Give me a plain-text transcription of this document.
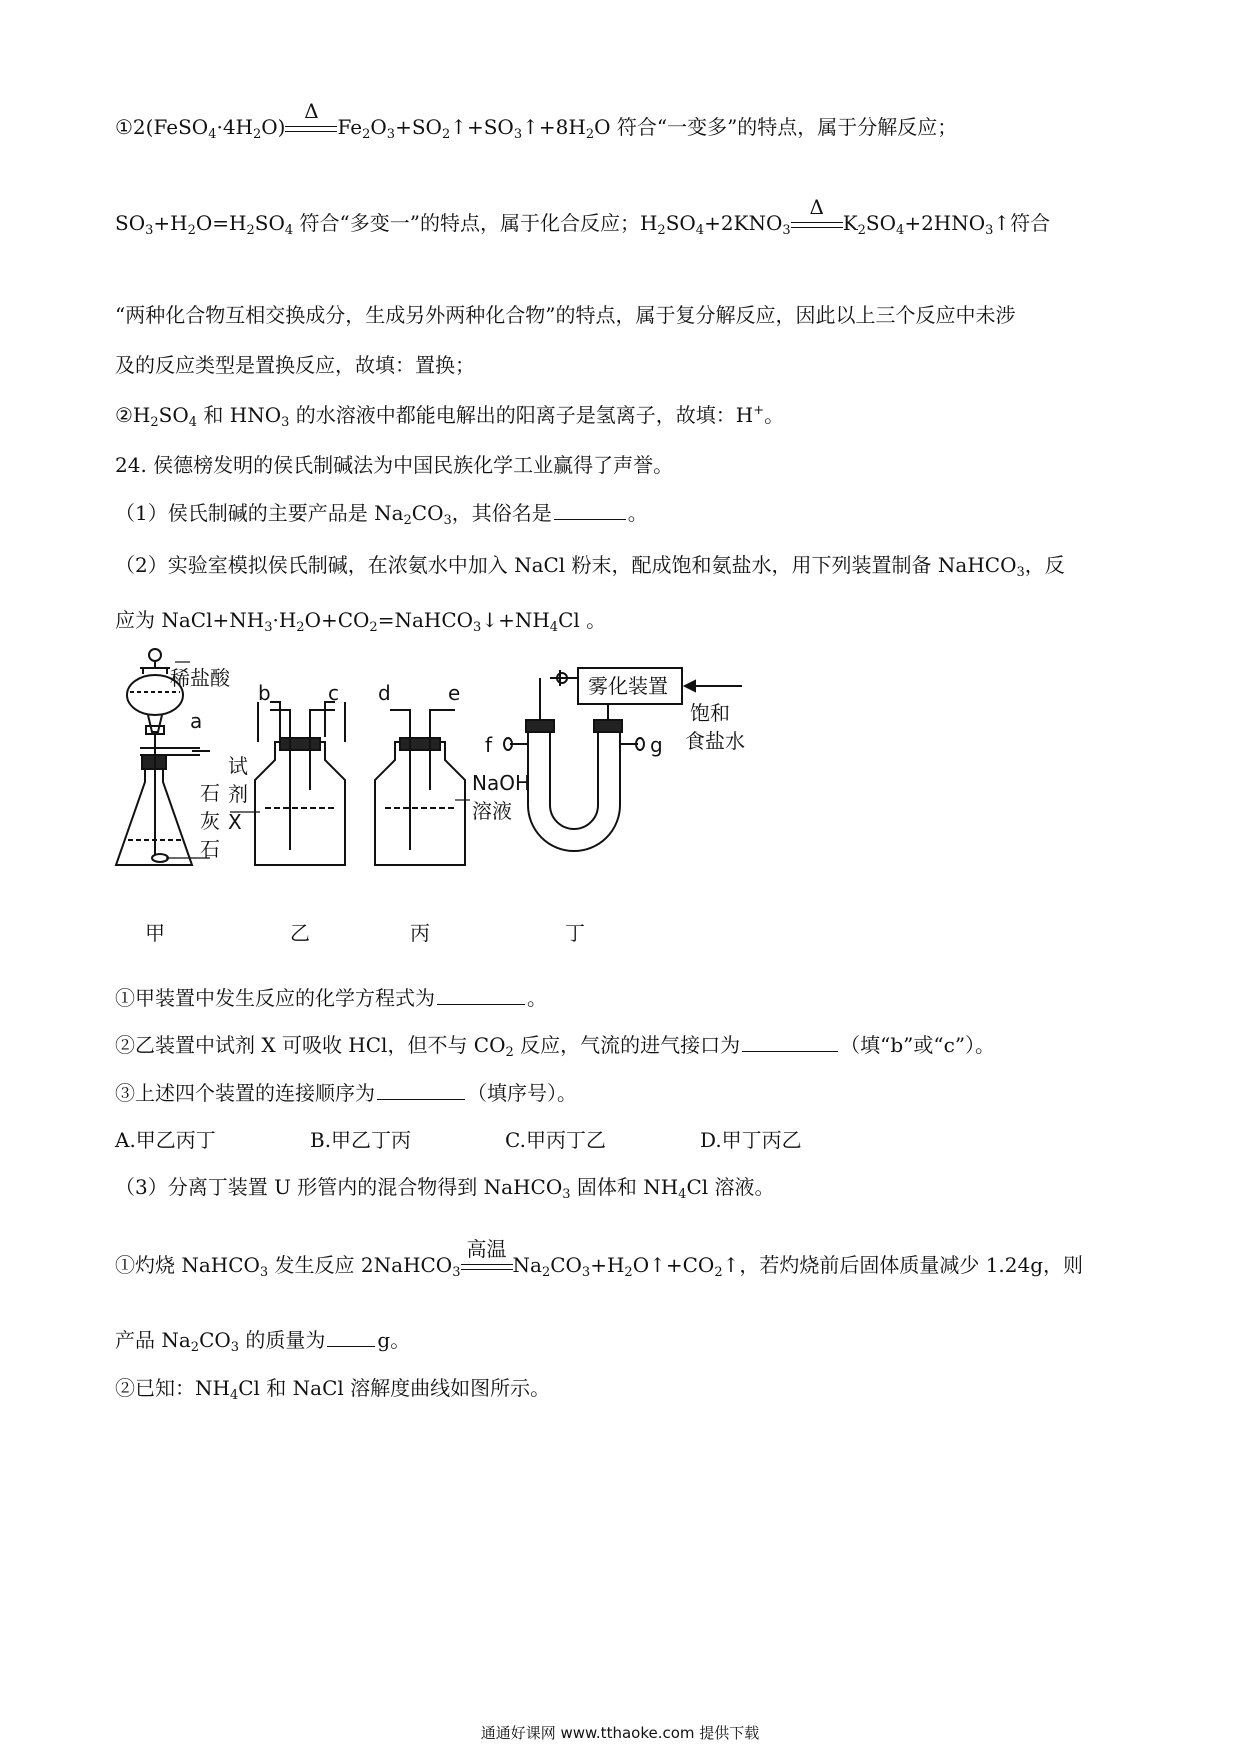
$①2(FeSO_4\cdot 4H_2O)$
Δ
$Fe_2O_3+SO_2↑+SO_3↑+8H_2O$ 符合“一变多”的特点，属于分解反应；
$SO_3+H_2O=H_2SO_4$ 符合“多变一”的特点，属于化合反应；$H_2SO_4+2KNO_3$
Δ
$K_2SO_4+2HNO_3↑$符合
“两种化合物互相交换成分，生成另外两种化合物”的特点，属于复分解反应，因此以上三个反应中未涉
及的反应类型是置换反应，故填：置换；
$②H_2SO_4$ 和 $HNO_3$ 的水溶液中都能电解出的阳离子是氢离子，故填：H+。
24. 侯德榜发明的侯氏制碱法为中国民族化学工业赢得了声誉。
（1）侯氏制碱的主要产品是 $Na_2CO_3$，其俗名是	。
（2）实验室模拟侯氏制碱，在浓氨水中加入 NaCl 粉末，配成饱和氨盐水，用下列装置制备 NaHCO$_3$，反
应为 $NaCl+NH_3\cdot H_2O+CO_2=NaHCO_3↓+NH_4Cl$ 。
稀盐酸
a
石
灰
石
b	c
试
剂
X
d	e
NaOH
溶液
雾化装置
饱和
食盐水
f	g
甲	乙	丙	丁
①甲装置中发生反应的化学方程式为	。
②乙装置中试剂 X 可吸收 HCl，但不与 $CO_2$ 反应，气流的进气接口为	（填“b”或“c”）。
③上述四个装置的连接顺序为	（填序号）。
A.甲乙丙丁	B.甲乙丁丙	C.甲丙丁乙	D.甲丁丙乙
（3）分离丁装置 U 形管内的混合物得到 NaHCO$_3$ 固体和 $NH_4Cl$ 溶液。
①灼烧 NaHCO$_3$ 发生反应 2NaHCO$_3$
高温
$Na_2CO_3+H_2O↑+CO_2↑$，若灼烧前后固体质量减少 1.24g，则
产品 $Na_2CO_3$ 的质量为	g。
②已知：$NH_4Cl$ 和 NaCl 溶解度曲线如图所示。
通通好课网 www.tthaoke.com 提供下载
